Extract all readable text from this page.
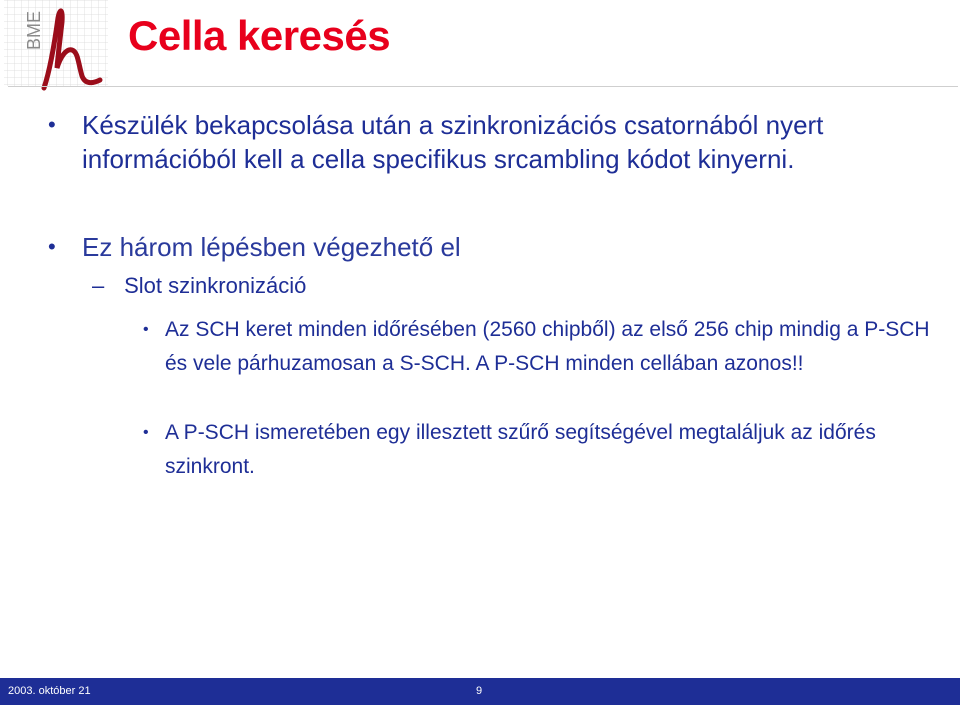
BME Cella keresés
• Készülék bekapcsolása után a szinkronizációs csatornából nyert információból kell a cella specifikus srcambling kódot kinyerni.
• Ez három lépésben végezhető el
– Slot szinkronizáció
• Az SCH keret minden időrésében (2560 chipből) az első 256 chip mindig a P-SCH és vele párhuzamosan a S-SCH. A P-SCH minden cellában azonos!!
• A P-SCH ismeretében egy illesztett szűrő segítségével megtaláljuk az időrés szinkront.
2003. október 21	9
